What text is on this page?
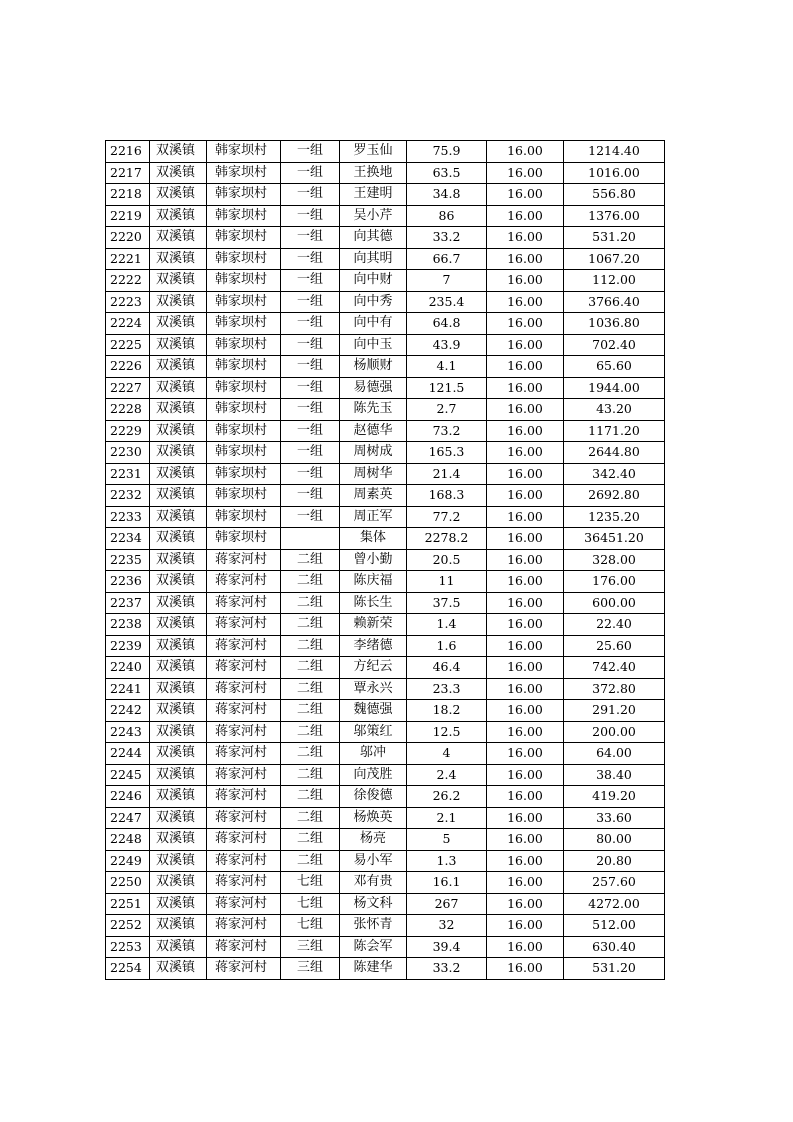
2216	双溪镇	韩家坝村	一组	罗玉仙	75.9	16.00	1214.40
2217	双溪镇	韩家坝村	一组	王换地	63.5	16.00	1016.00
2218	双溪镇	韩家坝村	一组	王建明	34.8	16.00	556.80
2219	双溪镇	韩家坝村	一组	吴小芹	86	16.00	1376.00
2220	双溪镇	韩家坝村	一组	向其德	33.2	16.00	531.20
2221	双溪镇	韩家坝村	一组	向其明	66.7	16.00	1067.20
2222	双溪镇	韩家坝村	一组	向中财	7	16.00	112.00
2223	双溪镇	韩家坝村	一组	向中秀	235.4	16.00	3766.40
2224	双溪镇	韩家坝村	一组	向中有	64.8	16.00	1036.80
2225	双溪镇	韩家坝村	一组	向中玉	43.9	16.00	702.40
2226	双溪镇	韩家坝村	一组	杨顺财	4.1	16.00	65.60
2227	双溪镇	韩家坝村	一组	易德强	121.5	16.00	1944.00
2228	双溪镇	韩家坝村	一组	陈先玉	2.7	16.00	43.20
2229	双溪镇	韩家坝村	一组	赵德华	73.2	16.00	1171.20
2230	双溪镇	韩家坝村	一组	周树成	165.3	16.00	2644.80
2231	双溪镇	韩家坝村	一组	周树华	21.4	16.00	342.40
2232	双溪镇	韩家坝村	一组	周素英	168.3	16.00	2692.80
2233	双溪镇	韩家坝村	一组	周正军	77.2	16.00	1235.20
2234	双溪镇	韩家坝村		集体	2278.2	16.00	36451.20
2235	双溪镇	蒋家河村	二组	曾小勤	20.5	16.00	328.00
2236	双溪镇	蒋家河村	二组	陈庆福	11	16.00	176.00
2237	双溪镇	蒋家河村	二组	陈长生	37.5	16.00	600.00
2238	双溪镇	蒋家河村	二组	赖新荣	1.4	16.00	22.40
2239	双溪镇	蒋家河村	二组	李绪德	1.6	16.00	25.60
2240	双溪镇	蒋家河村	二组	方纪云	46.4	16.00	742.40
2241	双溪镇	蒋家河村	二组	覃永兴	23.3	16.00	372.80
2242	双溪镇	蒋家河村	二组	魏德强	18.2	16.00	291.20
2243	双溪镇	蒋家河村	二组	邬策红	12.5	16.00	200.00
2244	双溪镇	蒋家河村	二组	邬冲	4	16.00	64.00
2245	双溪镇	蒋家河村	二组	向茂胜	2.4	16.00	38.40
2246	双溪镇	蒋家河村	二组	徐俊德	26.2	16.00	419.20
2247	双溪镇	蒋家河村	二组	杨焕英	2.1	16.00	33.60
2248	双溪镇	蒋家河村	二组	杨亮	5	16.00	80.00
2249	双溪镇	蒋家河村	二组	易小军	1.3	16.00	20.80
2250	双溪镇	蒋家河村	七组	邓有贵	16.1	16.00	257.60
2251	双溪镇	蒋家河村	七组	杨文科	267	16.00	4272.00
2252	双溪镇	蒋家河村	七组	张怀青	32	16.00	512.00
2253	双溪镇	蒋家河村	三组	陈会军	39.4	16.00	630.40
2254	双溪镇	蒋家河村	三组	陈建华	33.2	16.00	531.20
